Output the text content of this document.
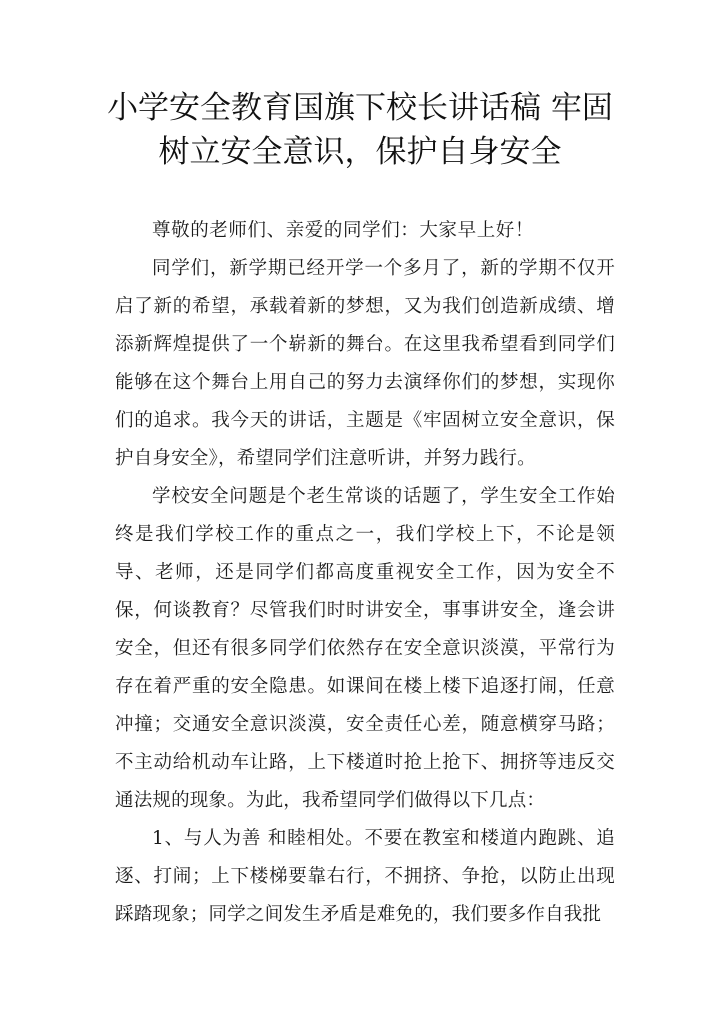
小学安全教育国旗下校长讲话稿 牢固
树立安全意识，保护自身安全

尊敬的老师们、亲爱的同学们：大家早上好！

同学们，新学期已经开学一个多月了，新的学期不仅开启了新的希望，承载着新的梦想，又为我们创造新成绩、增添新辉煌提供了一个崭新的舞台。在这里我希望看到同学们能够在这个舞台上用自己的努力去演绎你们的梦想，实现你们的追求。我今天的讲话，主题是《牢固树立安全意识，保护自身安全》，希望同学们注意听讲，并努力践行。

学校安全问题是个老生常谈的话题了，学生安全工作始终是我们学校工作的重点之一，我们学校上下，不论是领导、老师，还是同学们都高度重视安全工作，因为安全不保，何谈教育？尽管我们时时讲安全，事事讲安全，逢会讲安全，但还有很多同学们依然存在安全意识淡漠，平常行为存在着严重的安全隐患。如课间在楼上楼下追逐打闹，任意冲撞；交通安全意识淡漠，安全责任心差，随意横穿马路；不主动给机动车让路，上下楼道时抢上抢下、拥挤等违反交通法规的现象。为此，我希望同学们做得以下几点：

1、与人为善 和睦相处。不要在教室和楼道内跑跳、追逐、打闹；上下楼梯要靠右行，不拥挤、争抢，以防止出现踩踏现象；同学之间发生矛盾是难免的，我们要多作自我批
